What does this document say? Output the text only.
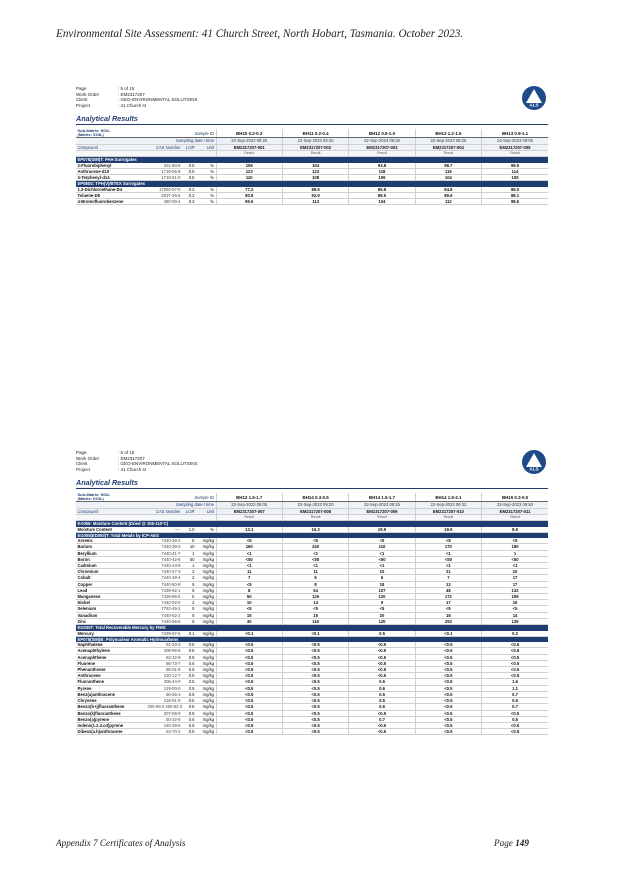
Environmental Site Assessment: 41 Church Street, North Hobart, Tasmania. October 2023.
Page	: 5 of 15
Work Order	: EM2317207
Client	: GEO-ENVIRONMENTAL SOLUTIONS
Project	: 41 Church st	ALS
Analytical Results
Sub-Matrix: SOIL
(Matrix: SOIL)		Sample ID		BH10 0.2-0.3	BH11 0.2-0.4	BH12 0.5-1.0	BH13 1.2-1.5	BH13 0.9-1.1
Sampling date / time				22-Sep-2023 08:20	22-Sep-2023 08:40	22-Sep-2023 08:30	22-Sep-2023 08:25	22-Sep-2023 09:00
Compound	CAS Number	LOR	Unit	EM2317207-001	EM2317207-002	EM2317207-003	EM2317207-004	EM2317207-005
				Result	Result	Result	Result	Result
EP075(SIM)T: PAH Surrogates								
2-Fluorobiphenyl	321-60-8	0.5	%	106	104	93.8	98.7	99.5
Anthracene-d10	1719-06-8	0.5	%	123	123	118	115	114
4-Terphenyl-d14	1718-51-0	0.5	%	110	108	106	104	105
EP080S: TPH(V)/BTEX Surrogates								
1.2-Dichloroethane-D4	17060-07-0	0.2	%	77.2	89.5	85.8	84.8	86.0
Toluene-D8	2037-26-5	0.2	%	80.8	92.9	88.5	89.6	88.1
4-Bromofluorobenzene	460-00-4	0.2	%	95.5	113	104	112	98.6
Page	: 6 of 15
Work Order	: EM2317207
Client	: GEO-ENVIRONMENTAL SOLUTIONS
Project	: 41 Church st	ALS
Analytical Results
Sub-Matrix: SOIL
(Matrix: SOIL)		Sample ID		BH13 1.5-1.7	BH14 0.3-0.5	BH14 1.5-1.7	BH14 1.9-2.1	BH15 0.3-0.5
Sampling date / time				22-Sep-2023 09:05	22-Sep-2023 09:20	22-Sep-2023 09:25	22-Sep-2023 09:32	22-Sep-2023 09:50
Compound	CAS Number	LOR	Unit	EM2317207-007	EM2317207-008	EM2317207-009	EM2317207-010	EM2317207-011
				Result	Result	Result	Result	Result
EA055: Moisture Content (Dried @ 105-110°C)								
Moisture Content	----	1.0	%	13.1	16.3	19.9	19.6	8.9
EG005(ED093)T: Total Metals by ICP-AES								
Arsenic	7440-38-2	5	mg/kg	<5	<5	<5	<5	<5
Barium	7440-39-3	10	mg/kg	160	240	110	170	180
Beryllium	7440-41-7	1	mg/kg	<1	<1	<1	<1	1
Boron	7440-42-8	50	mg/kg	<50	<50	<50	<50	<50
Cadmium	7440-43-9	1	mg/kg	<1	<1	<1	<1	<1
Chromium	7440-47-3	2	mg/kg	11	11	10	21	10
Cobalt	7440-48-4	2	mg/kg	7	6	6	7	17
Copper	7440-50-8	5	mg/kg	<5	8	18	12	17
Lead	7439-92-1	5	mg/kg	8	54	107	48	132
Manganese	7439-96-5	5	mg/kg	50	126	120	172	199
Nickel	7440-02-0	2	mg/kg	10	14	9	17	15
Selenium	7782-49-2	5	mg/kg	<5	<5	<5	<5	<5
Vanadium	7440-62-2	5	mg/kg	15	19	20	16	14
Zinc	7440-66-6	5	mg/kg	30	116	120	253	139
EG035T: Total Recoverable Mercury by FIMS								
Mercury	7439-97-6	0.1	mg/kg	<0.1	<0.1	0.5	<0.1	0.2
EP075(SIM)B: Polynuclear Aromatic Hydrocarbons								
Naphthalene	91-20-3	0.5	mg/kg	<0.5	<0.5	<0.5	<0.5	<0.5
Acenaphthylene	208-96-8	0.5	mg/kg	<0.5	<0.5	<0.5	<0.5	<0.5
Acenaphthene	83-32-9	0.5	mg/kg	<0.5	<0.5	<0.5	<0.5	<0.5
Fluorene	86-73-7	0.5	mg/kg	<0.5	<0.5	<0.5	<0.5	<0.5
Phenanthrene	85-01-8	0.5	mg/kg	<0.5	<0.5	<0.5	<0.5	<0.5
Anthracene	120-12-7	0.5	mg/kg	<0.5	<0.5	<0.5	<0.5	<0.5
Fluoranthene	206-44-0	0.5	mg/kg	<0.5	<0.5	0.6	<0.5	1.6
Pyrene	129-00-0	0.5	mg/kg	<0.5	<0.5	0.6	<0.5	1.1
Benz(a)anthracene	56-55-3	0.5	mg/kg	<0.5	<0.5	0.5	<0.5	0.7
Chrysene	218-01-9	0.5	mg/kg	<0.5	<0.5	0.5	<0.5	0.6
Benzo(b+j)fluoranthene	205-99-2 205-82-3	0.5	mg/kg	<0.5	<0.5	0.6	<0.5	0.7
Benzo(k)fluoranthene	207-08-9	0.5	mg/kg	<0.5	<0.5	<0.5	<0.5	<0.5
Benzo(a)pyrene	50-32-8	0.5	mg/kg	<0.5	<0.5	0.7	<0.5	0.6
Indeno(1.2.3.cd)pyrene	193-39-5	0.5	mg/kg	<0.5	<0.5	<0.5	<0.5	<0.5
Dibenz(a.h)anthracene	53-70-3	0.5	mg/kg	<0.5	<0.5	<0.5	<0.5	<0.5
Appendix 7 Certificates of Analysis	Page 149
